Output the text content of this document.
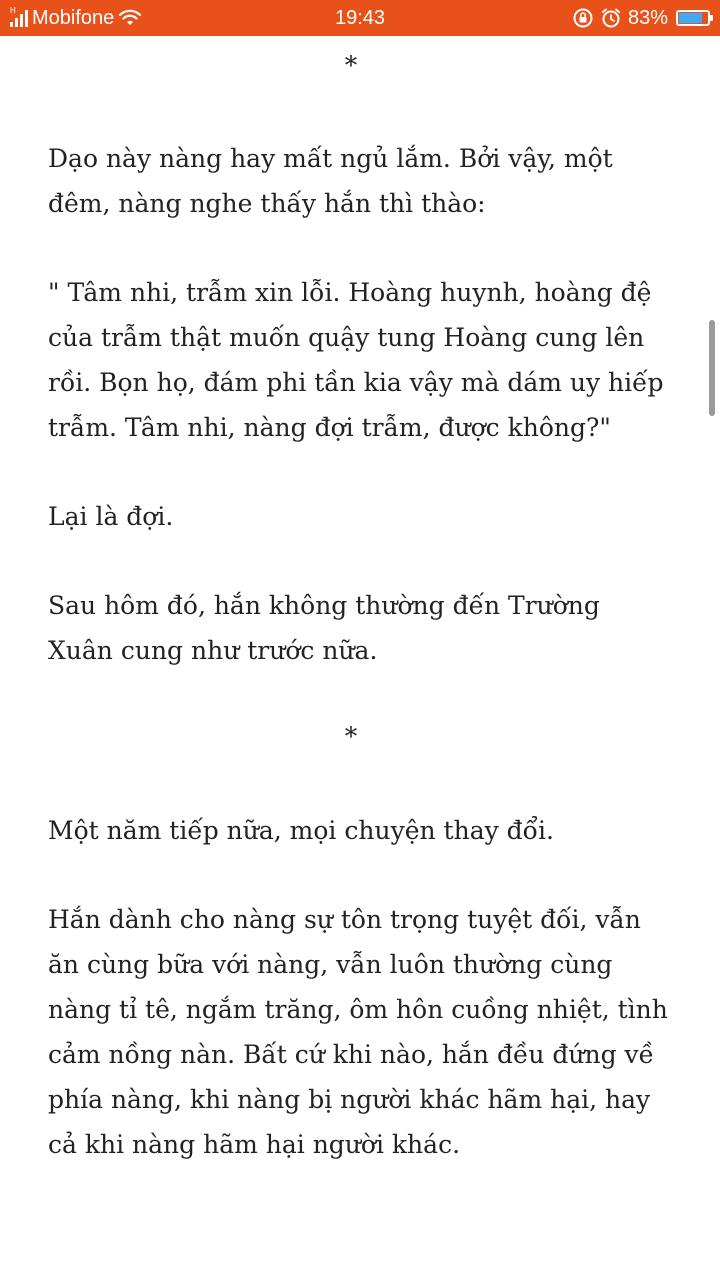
H Mobifone	19:43	83%

*

Dạo này nàng hay mất ngủ lắm. Bởi vậy, một đêm, nàng nghe thấy hắn thì thào:

" Tâm nhi, trẫm xin lỗi. Hoàng huynh, hoàng đệ của trẫm thật muốn quậy tung Hoàng cung lên rồi. Bọn họ, đám phi tần kia vậy mà dám uy hiếp trẫm. Tâm nhi, nàng đợi trẫm, được không?"

Lại là đợi.

Sau hôm đó, hắn không thường đến Trường Xuân cung như trước nữa.

*

Một năm tiếp nữa, mọi chuyện thay đổi.

Hắn dành cho nàng sự tôn trọng tuyệt đối, vẫn ăn cùng bữa với nàng, vẫn luôn thường cùng nàng tỉ tê, ngắm trăng, ôm hôn cuồng nhiệt, tình cảm nồng nàn. Bất cứ khi nào, hắn đều đứng về phía nàng, khi nàng bị người khác hãm hại, hay cả khi nàng hãm hại người khác.
